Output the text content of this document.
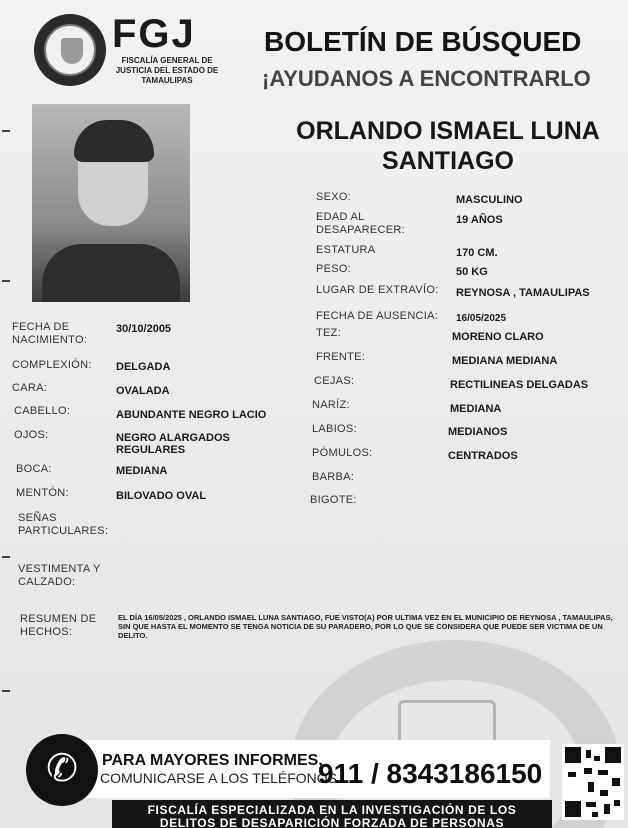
FGJ
FISCALÍA GENERAL DE JUSTICIA DEL ESTADO DE TAMAULIPAS
BOLETÍN DE BÚSQUED
¡AYUDANOS A ENCONTRARLO
ORLANDO ISMAEL LUNA
SANTIAGO
SEXO:	MASCULINO
EDAD AL DESAPARECER:
19 AÑOS
ESTATURA	170 CM.
PESO:	50 KG
LUGAR DE EXTRAVÍO: REYNOSA , TAMAULIPAS
FECHA DE AUSENCIA: 16/05/2025
TEZ:	MORENO CLARO
FRENTE:	MEDIANA MEDIANA
CEJAS:	RECTILINEAS DELGADAS
NARÍZ:	MEDIANA
LABIOS:	MEDIANOS
PÓMULOS:	CENTRADOS
BARBA:
BIGOTE:
FECHA DE NACIMIENTO:
30/10/2005
COMPLEXIÓN: DELGADA
CARA:	OVALADA
CABELLO:	ABUNDANTE NEGRO LACIO
OJOS:	NEGRO ALARGADOS REGULARES
BOCA:	MEDIANA
MENTÓN:	BILOVADO OVAL
SEÑAS PARTICULARES:
VESTIMENTA Y CALZADO:
RESUMEN DE HECHOS:
EL DÍA 16/05/2025 , ORLANDO ISMAEL LUNA SANTIAGO, FUE VISTO(A) POR ULTIMA VEZ EN EL MUNICIPIO DE REYNOSA , TAMAULIPAS, SIN QUE HASTA EL MOMENTO SE TENGA NOTICIA DE SU PARADERO, POR LO QUE SE CONSIDERA QUE PUEDE SER VICTIMA DE UN DELITO.
✆	PARA MAYORES INFORMES,
COMUNICARSE A LOS TELÉFONOS
911 / 8343186150
FISCALÍA ESPECIALIZADA EN LA INVESTIGACIÓN DE LOS
DELITOS DE DESAPARICIÓN FORZADA DE PERSONAS
